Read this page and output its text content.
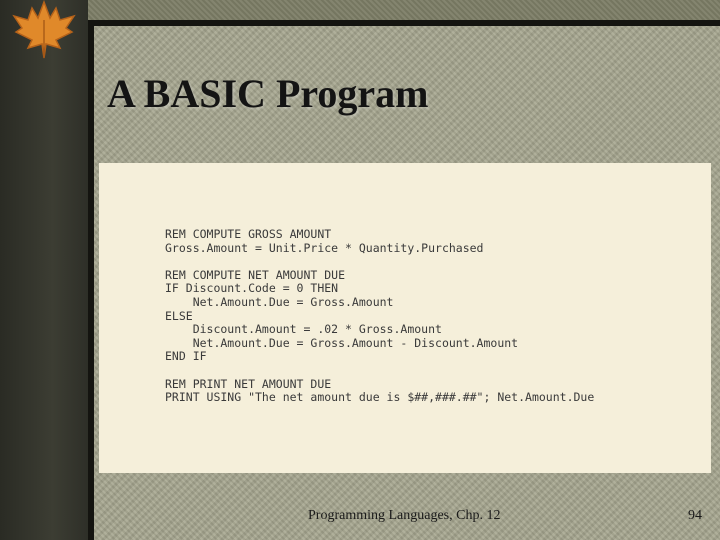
A BASIC Program
REM COMPUTE GROSS AMOUNT
Gross.Amount = Unit.Price * Quantity.Purchased
REM COMPUTE NET AMOUNT DUE
IF Discount.Code = 0 THEN
Net.Amount.Due = Gross.Amount
ELSE
Discount.Amount = .02 * Gross.Amount
Net.Amount.Due = Gross.Amount - Discount.Amount
END IF
REM PRINT NET AMOUNT DUE
PRINT USING "The net amount due is $##,###.##"; Net.Amount.Due
Programming Languages, Chp. 12	94
